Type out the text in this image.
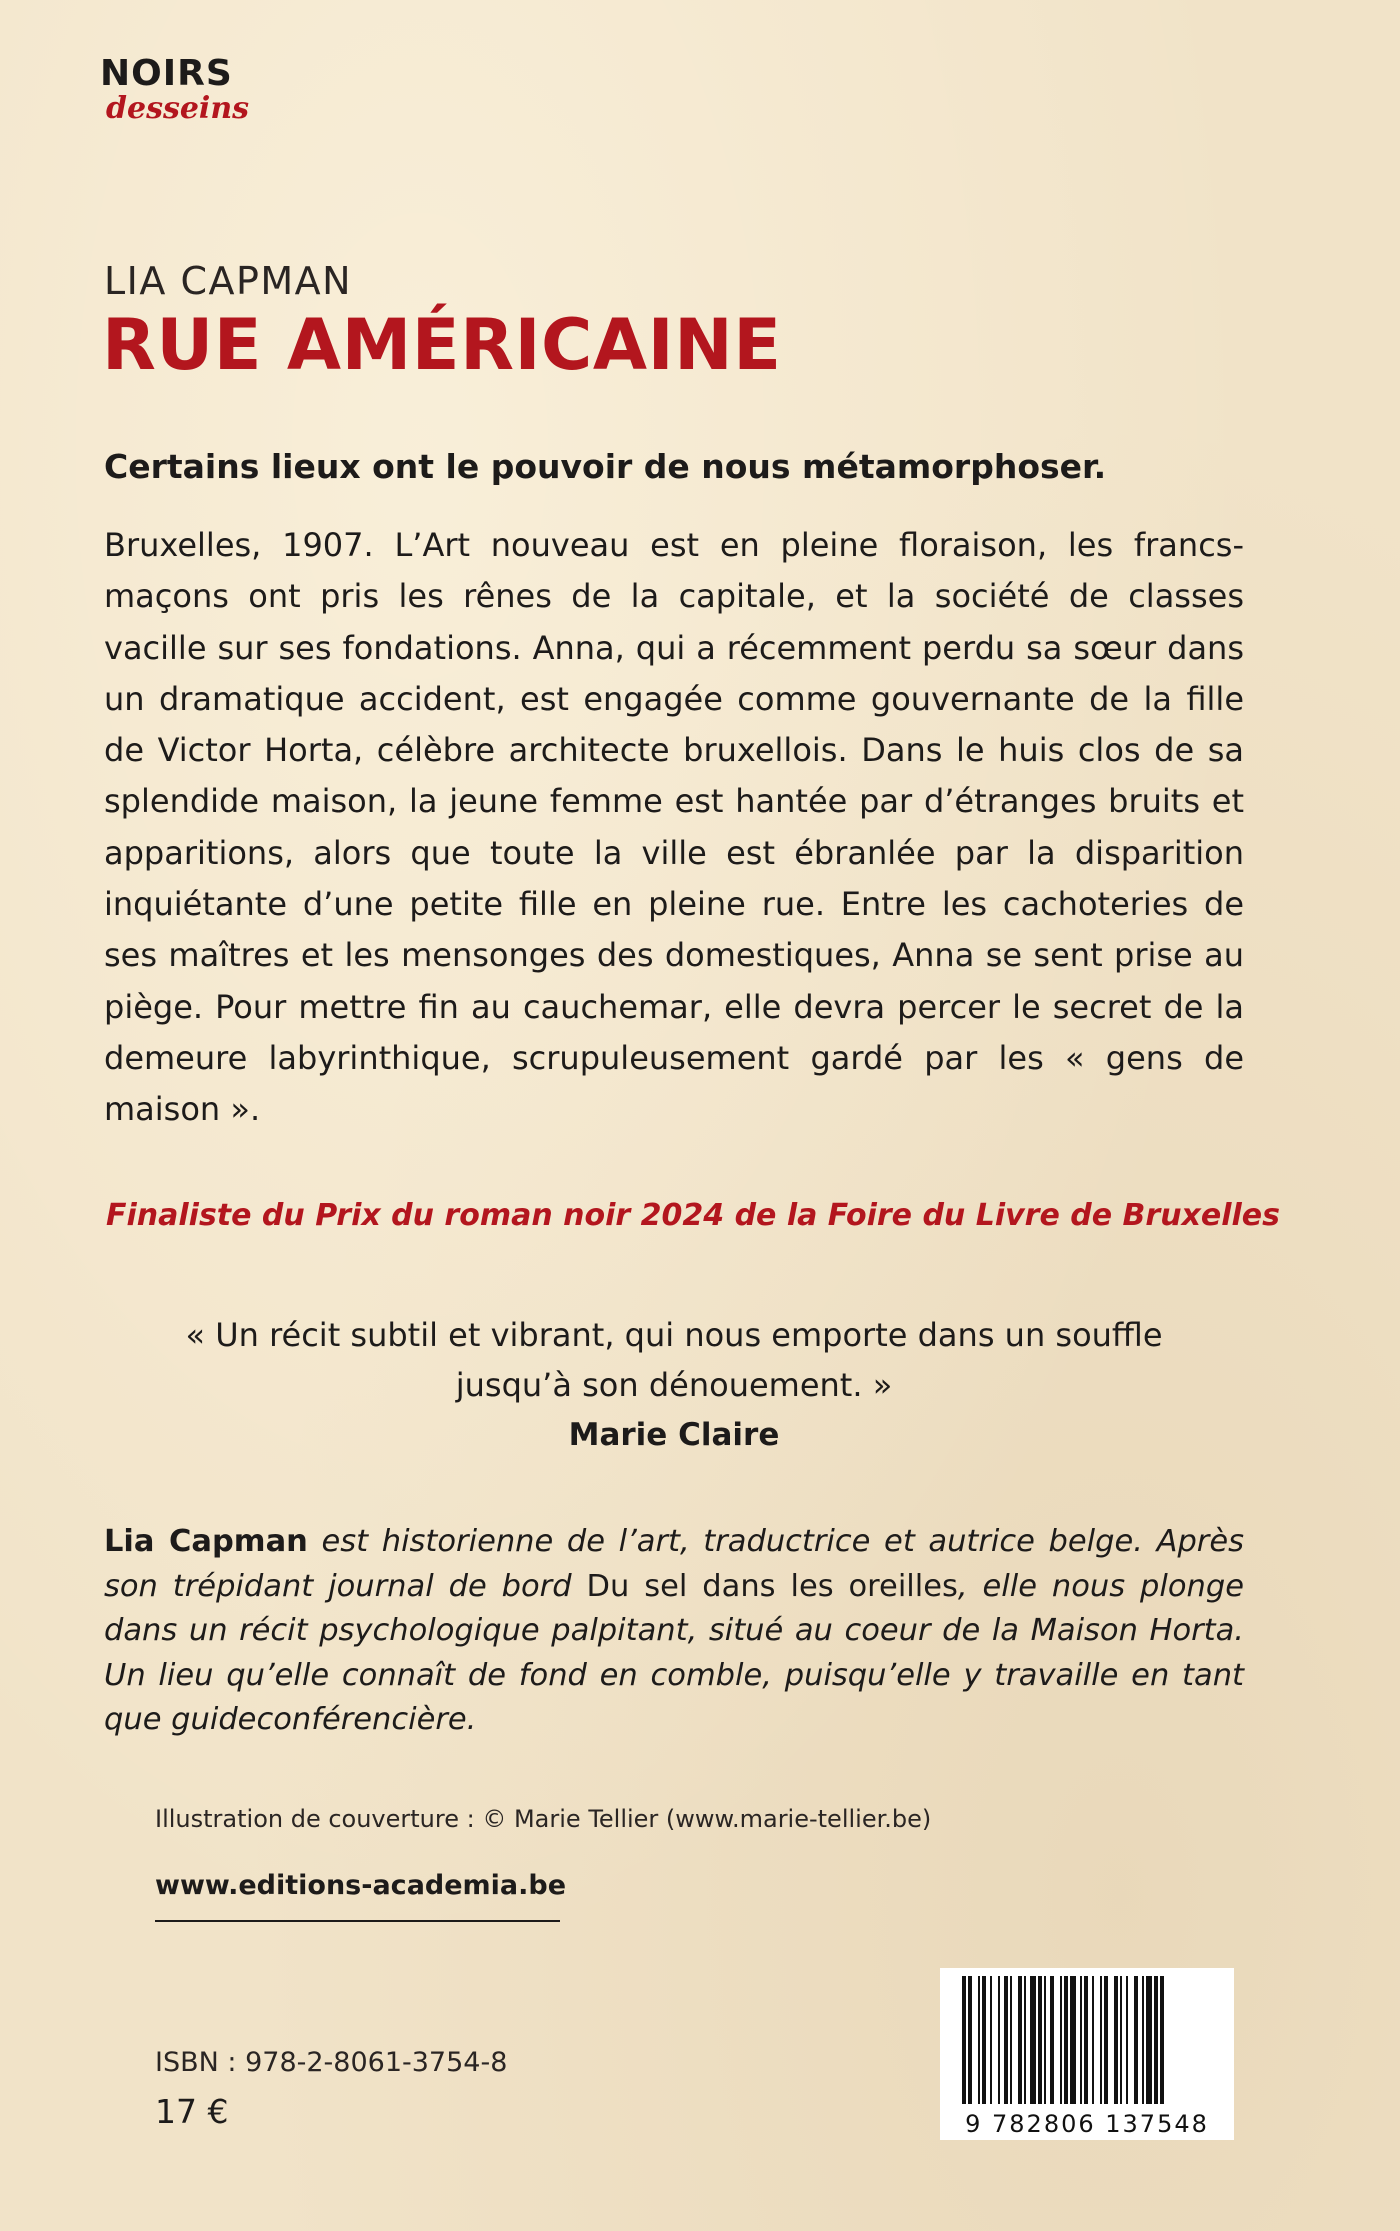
NOIRS
desseins
LIA CAPMAN
RUE AMÉRICAINE
Certains lieux ont le pouvoir de nous métamorphoser.

Bruxelles, 1907. L’Art nouveau est en pleine floraison, les francs-maçons ont pris les rênes de la capitale, et la société de classes vacille sur ses fondations. Anna, qui a récemment perdu sa sœur dans un dramatique accident, est engagée comme gouvernante de la fille de Victor Horta, célèbre architecte bruxellois. Dans le huis clos de sa splendide maison, la jeune femme est hantée par d’étranges bruits et apparitions, alors que toute la ville est ébranlée par la disparition inquiétante d’une petite fille en pleine rue. Entre les cachoteries de ses maîtres et les mensonges des domestiques, Anna se sent prise au piège. Pour mettre fin au cauchemar, elle devra percer le secret de la demeure labyrinthique, scrupuleusement gardé par les « gens de maison ».

Finaliste du Prix du roman noir 2024 de la Foire du Livre de Bruxelles
« Un récit subtil et vibrant, qui nous emporte dans un souffle
jusqu’à son dénouement. »
Marie Claire

Lia Capman est historienne de l’art, traductrice et autrice belge. Après son trépidant journal de bord Du sel dans les oreilles, elle nous plonge dans un récit psychologique palpitant, situé au coeur de la Maison Horta. Un lieu qu’elle connaît de fond en comble, puisqu’elle y travaille en tant que guideconférencière.

Illustration de couverture : © Marie Tellier (www.marie-tellier.be)
www.editions-academia.be
ISBN : 978-2-8061-3754-8
17 €	9 782806 137548
